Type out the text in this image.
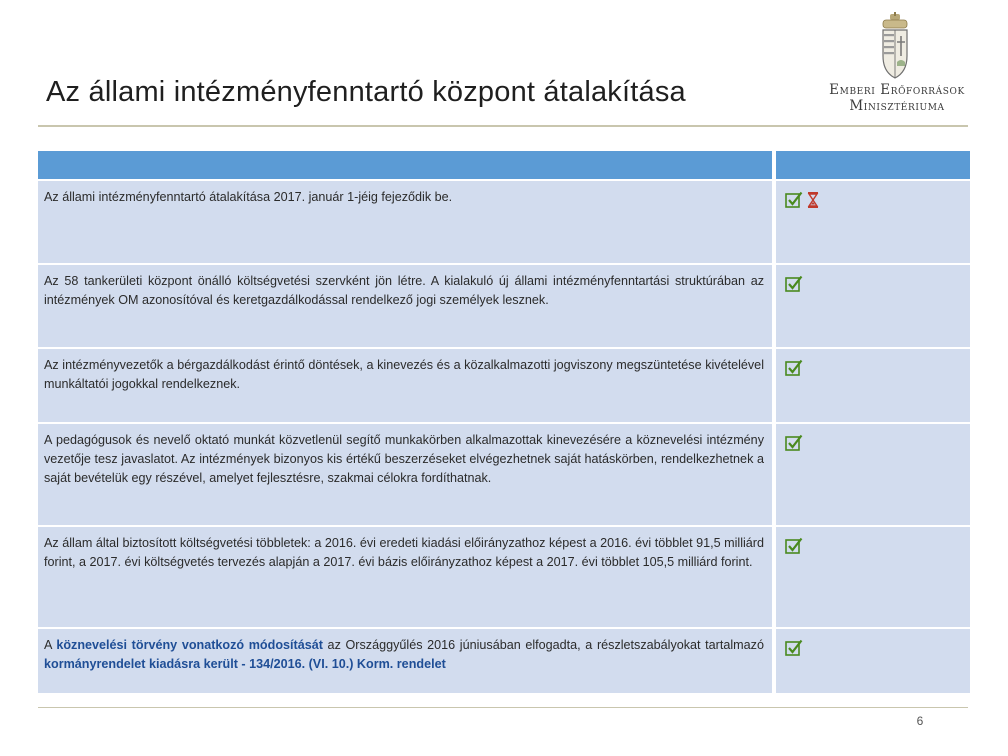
Az állami intézményfenntartó központ átalakítása	Emberi Erőforrások
Minisztériuma
Az állami intézményfenntartó átalakítása 2017. január 1-jéig fejeződik be.
Az 58 tankerületi központ önálló költségvetési szervként jön létre. A kialakuló új állami intézményfenntartási struktúrában az intézmények OM azonosítóval és keretgazdálkodással rendelkező jogi személyek lesznek.
Az intézményvezetők a bérgazdálkodást érintő döntések, a kinevezés és a közalkalmazotti jogviszony megszüntetése kivételével munkáltatói jogokkal rendelkeznek.
A pedagógusok és nevelő oktató munkát közvetlenül segítő munkakörben alkalmazottak kinevezésére a köznevelési intézmény vezetője tesz javaslatot. Az intézmények bizonyos kis értékű beszerzéseket elvégezhetnek saját hatáskörben, rendelkezhetnek a saját bevételük egy részével, amelyet fejlesztésre, szakmai célokra fordíthatnak.
Az állam által biztosított költségvetési többletek: a 2016. évi eredeti kiadási előirányzathoz képest a 2016. évi többlet 91,5 milliárd forint, a 2017. évi költségvetés tervezés alapján a 2017. évi bázis előirányzathoz képest a 2017. évi többlet 105,5 milliárd forint.
A köznevelési törvény vonatkozó módosítását az Országgyűlés 2016 júniusában elfogadta, a részletszabályokat tartalmazó kormányrendelet kiadásra került - 134/2016. (VI. 10.) Korm. rendelet
6
